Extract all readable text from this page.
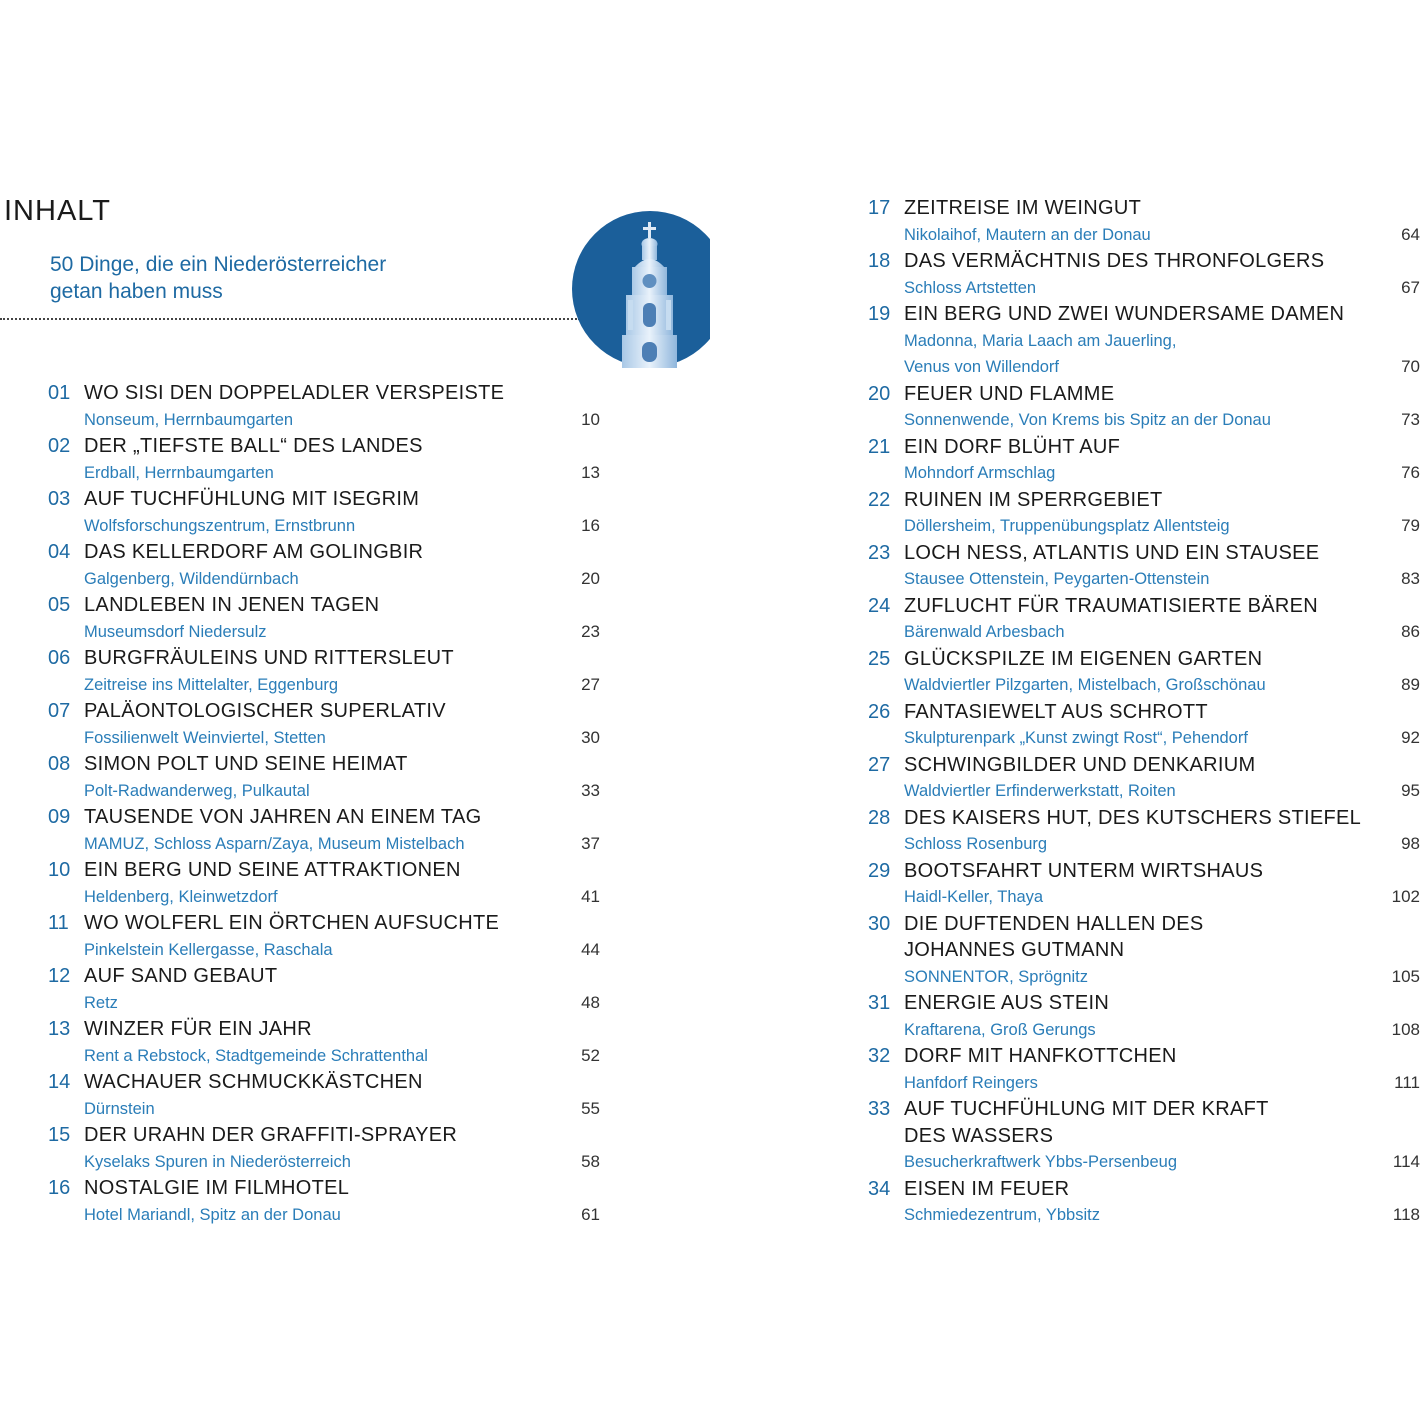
INHALT
50 Dinge, die ein Niederösterreicher
getan haben muss
01 WO SISI DEN DOPPELADLER VERSPEISTE
Nonseum, Herrnbaumgarten	10
02 DER „TIEFSTE BALL“ DES LANDES
Erdball, Herrnbaumgarten	13
03 AUF TUCHFÜHLUNG MIT ISEGRIM
Wolfsforschungszentrum, Ernstbrunn	16
04 DAS KELLERDORF AM GOLINGBIR
Galgenberg, Wildendürnbach	20
05 LANDLEBEN IN JENEN TAGEN
Museumsdorf Niedersulz	23
06 BURGFRÄULEINS UND RITTERSLEUT
Zeitreise ins Mittelalter, Eggenburg	27
07 PALÄONTOLOGISCHER SUPERLATIV
Fossilienwelt Weinviertel, Stetten	30
08 SIMON POLT UND SEINE HEIMAT
Polt-Radwanderweg, Pulkautal	33
09 TAUSENDE VON JAHREN AN EINEM TAG
MAMUZ, Schloss Asparn/Zaya, Museum Mistelbach	37
10 EIN BERG UND SEINE ATTRAKTIONEN
Heldenberg, Kleinwetzdorf	41
11 WO WOLFERL EIN ÖRTCHEN AUFSUCHTE
Pinkelstein Kellergasse, Raschala	44
12 AUF SAND GEBAUT
Retz	48
13 WINZER FÜR EIN JAHR
Rent a Rebstock, Stadtgemeinde Schrattenthal	52
14 WACHAUER SCHMUCKKÄSTCHEN
Dürnstein	55
15 DER URAHN DER GRAFFITI-SPRAYER
Kyselaks Spuren in Niederösterreich	58
16 NOSTALGIE IM FILMHOTEL
Hotel Mariandl, Spitz an der Donau	61
17 ZEITREISE IM WEINGUT
Nikolaihof, Mautern an der Donau	64
18 DAS VERMÄCHTNIS DES THRONFOLGERS
Schloss Artstetten	67
19 EIN BERG UND ZWEI WUNDERSAME DAMEN
Madonna, Maria Laach am Jauerling,
Venus von Willendorf	70
20 FEUER UND FLAMME
Sonnenwende, Von Krems bis Spitz an der Donau	73
21 EIN DORF BLÜHT AUF
Mohndorf Armschlag	76
22 RUINEN IM SPERRGEBIET
Döllersheim, Truppenübungsplatz Allentsteig	79
23 LOCH NESS, ATLANTIS UND EIN STAUSEE
Stausee Ottenstein, Peygarten-Ottenstein	83
24 ZUFLUCHT FÜR TRAUMATISIERTE BÄREN
Bärenwald Arbesbach	86
25 GLÜCKSPILZE IM EIGENEN GARTEN
Waldviertler Pilzgarten, Mistelbach, Großschönau	89
26 FANTASIEWELT AUS SCHROTT
Skulpturenpark „Kunst zwingt Rost“, Pehendorf	92
27 SCHWINGBILDER UND DENKARIUM
Waldviertler Erfinderwerkstatt, Roiten	95
28 DES KAISERS HUT, DES KUTSCHERS STIEFEL
Schloss Rosenburg	98
29 BOOTSFAHRT UNTERM WIRTSHAUS
Haidl-Keller, Thaya	102
30 DIE DUFTENDEN HALLEN DES
JOHANNES GUTMANN
SONNENTOR, Sprögnitz	105
31 ENERGIE AUS STEIN
Kraftarena, Groß Gerungs	108
32 DORF MIT HANFKOTTCHEN
Hanfdorf Reingers	111
33 AUF TUCHFÜHLUNG MIT DER KRAFT
DES WASSERS
Besucherkraftwerk Ybbs-Persenbeug	114
34 EISEN IM FEUER
Schmiedezentrum, Ybbsitz	118
